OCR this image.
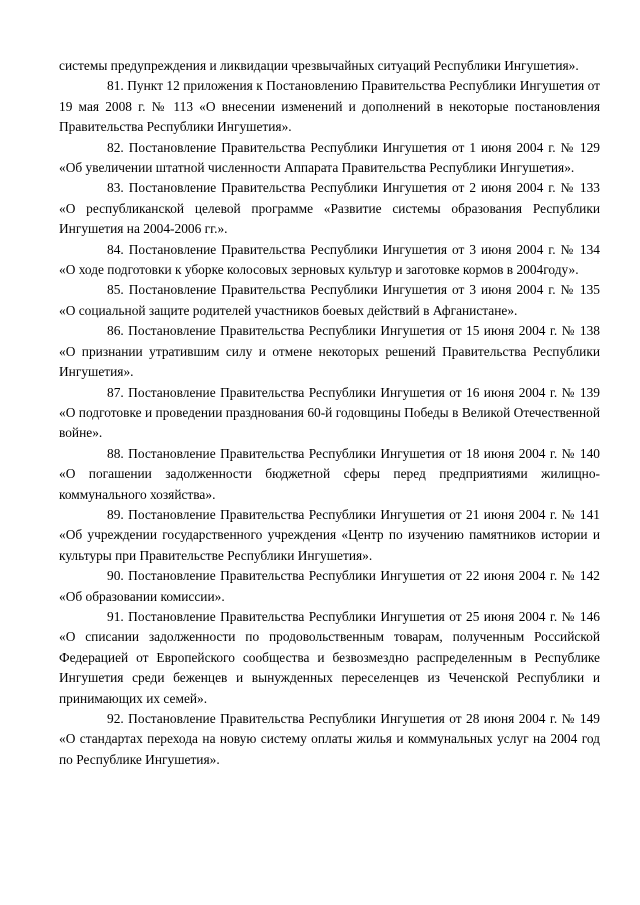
системы предупреждения и ликвидации чрезвычайных ситуаций Республики Ингушетия».

81. Пункт 12 приложения к Постановлению Правительства Республики Ингушетия от 19 мая 2008 г. № 113 «О внесении изменений и дополнений в некоторые постановления Правительства Республики Ингушетия».

82. Постановление Правительства Республики Ингушетия от 1 июня 2004 г. № 129 «Об увеличении штатной численности Аппарата Правительства Республики Ингушетия».

83. Постановление Правительства Республики Ингушетия от 2 июня 2004 г. № 133 «О республиканской целевой программе «Развитие системы образования Республики Ингушетия на 2004-2006 гг.».

84. Постановление Правительства Республики Ингушетия от 3 июня 2004 г. № 134 «О ходе подготовки к уборке колосовых зерновых культур и заготовке кормов в 2004году».

85. Постановление Правительства Республики Ингушетия от 3 июня 2004 г. № 135 «О социальной защите родителей участников боевых действий в Афганистане».

86. Постановление Правительства Республики Ингушетия от 15 июня 2004 г. № 138 «О признании утратившим силу и отмене некоторых решений Правительства Республики Ингушетия».

87. Постановление Правительства Республики Ингушетия от 16 июня 2004 г. № 139 «О подготовке и проведении празднования 60-й годовщины Победы в Великой Отечественной войне».

88. Постановление Правительства Республики Ингушетия от 18 июня 2004 г. № 140 «О погашении задолженности бюджетной сферы перед предприятиями жилищно-коммунального хозяйства».

89. Постановление Правительства Республики Ингушетия от 21 июня 2004 г. № 141 «Об учреждении государственного учреждения «Центр по изучению памятников истории и культуры при Правительстве Республики Ингушетия».

90. Постановление Правительства Республики Ингушетия от 22 июня 2004 г. № 142 «Об образовании комиссии».

91. Постановление Правительства Республики Ингушетия от 25 июня 2004 г. № 146 «О списании задолженности по продовольственным товарам, полученным Российской Федерацией от Европейского сообщества и безвозмездно распределенным в Республике Ингушетия среди беженцев и вынужденных переселенцев из Чеченской Республики и принимающих их семей».

92. Постановление Правительства Республики Ингушетия от 28 июня 2004 г. № 149 «О стандартах перехода на новую систему оплаты жилья и коммунальных услуг на 2004 год по Республике Ингушетия».
